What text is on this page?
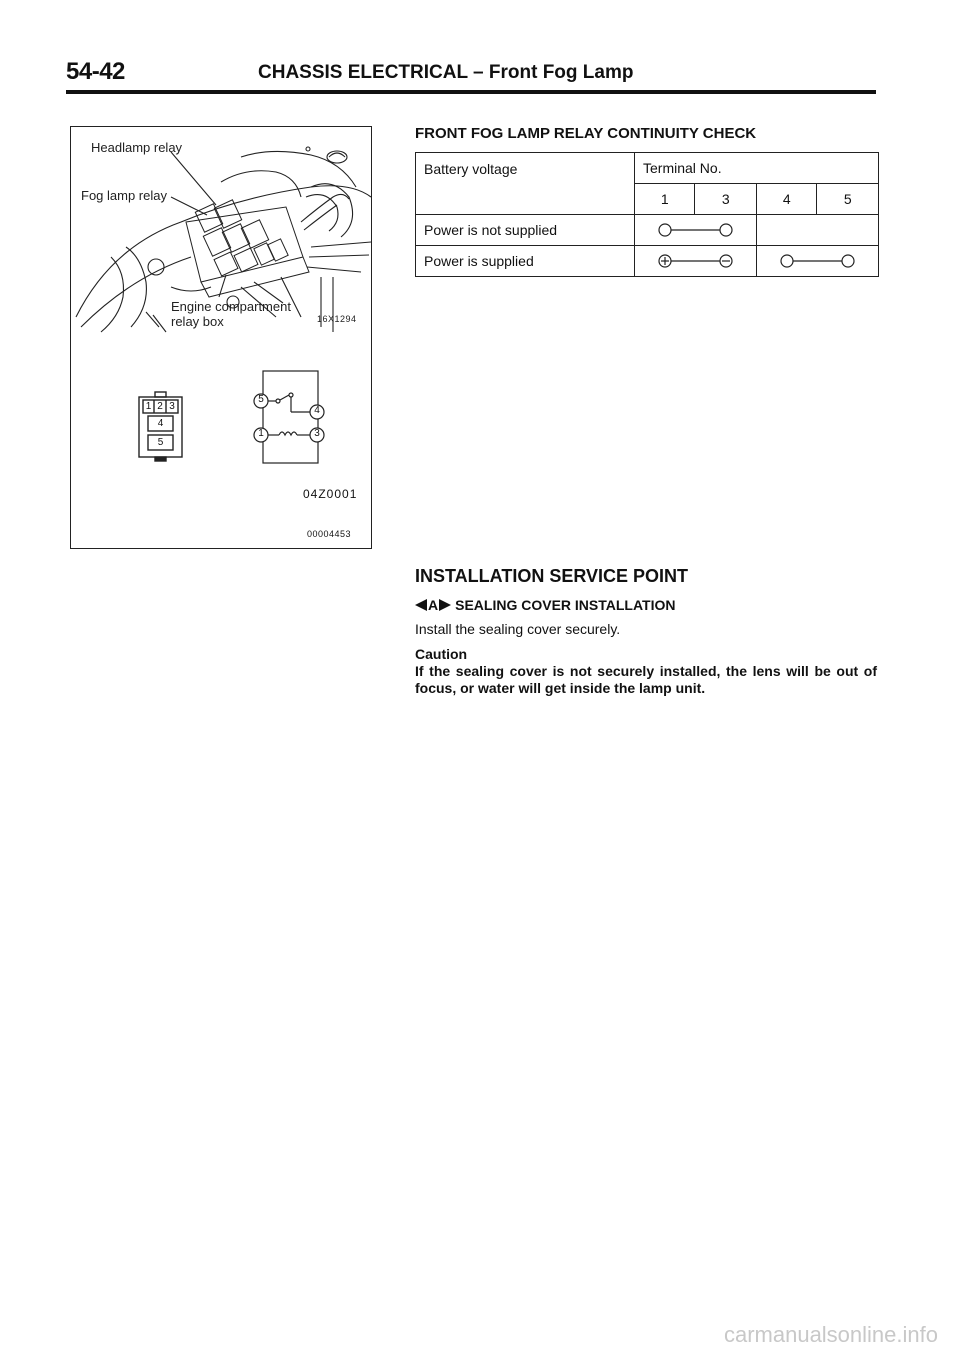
54-42	CHASSIS ELECTRICAL – Front Fog Lamp
Headlamp relay
Fog lamp relay
Engine compartment
relay box	16X1294
1 2 3
4
5
5
4
1	3
04Z0001
00004453
FRONT FOG LAMP RELAY CONTINUITY CHECK
Battery voltage	Terminal No.			
	1	3	4	5
Power is not supplied	

Power is supplied	

INSTALLATION SERVICE POINT
A SEALING COVER INSTALLATION
Install the sealing cover securely.
Caution
If the sealing cover is not securely installed, the lens will be out of focus, or water will get inside the lamp unit.
carmanualsonline.info
